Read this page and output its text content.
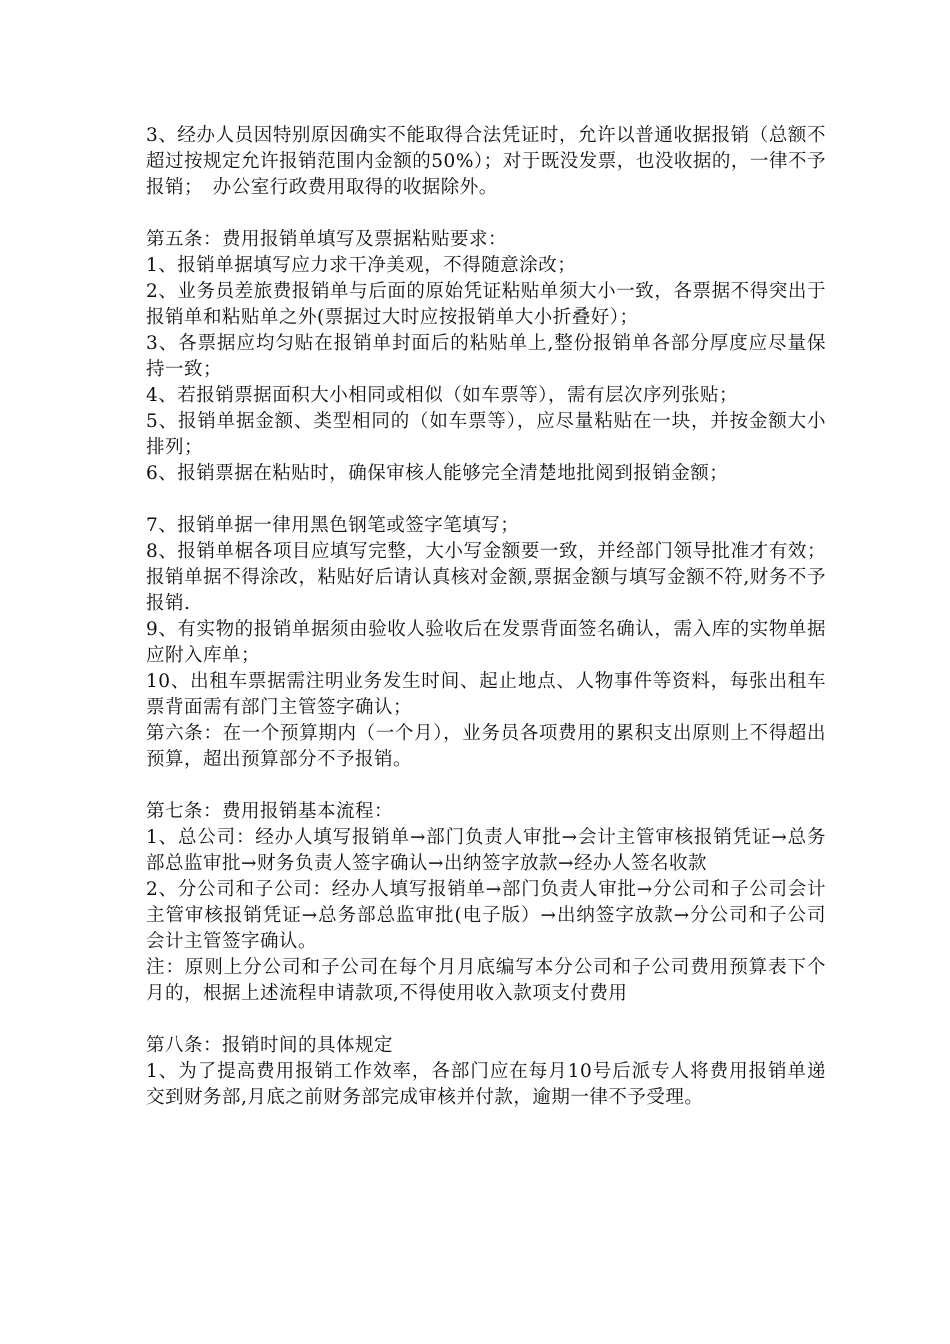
3、经办人员因特别原因确实不能取得合法凭证时，允许以普通收据报销（总额不超过按规定允许报销范围内金额的50%）；对于既没发票，也没收据的，一律不予报销；　办公室行政费用取得的收据除外。

第五条：费用报销单填写及票据粘贴要求：

1、报销单据填写应力求干净美观，不得随意涂改；

2、业务员差旅费报销单与后面的原始凭证粘贴单须大小一致，各票据不得突出于报销单和粘贴单之外(票据过大时应按报销单大小折叠好）；

3、各票据应均匀贴在报销单封面后的粘贴单上,整份报销单各部分厚度应尽量保持一致；

4、若报销票据面积大小相同或相似（如车票等），需有层次序列张贴；

5、报销单据金额、类型相同的（如车票等），应尽量粘贴在一块，并按金额大小排列；

6、报销票据在粘贴时，确保审核人能够完全清楚地批阅到报销金额；

7、报销单据一律用黑色钢笔或签字笔填写；

8、报销单椐各项目应填写完整，大小写金额要一致，并经部门领导批准才有效；报销单据不得涂改，粘贴好后请认真核对金额,票据金额与填写金额不符,财务不予报销.

9、有实物的报销单据须由验收人验收后在发票背面签名确认，需入库的实物单据应附入库单；

10、出租车票据需注明业务发生时间、起止地点、人物事件等资料，每张出租车票背面需有部门主管签字确认；

第六条：在一个预算期内（一个月），业务员各项费用的累积支出原则上不得超出预算，超出预算部分不予报销。

第七条：费用报销基本流程：

1、总公司：经办人填写报销单→部门负责人审批→会计主管审核报销凭证→总务部总监审批→财务负责人签字确认→出纳签字放款→经办人签名收款

2、分公司和子公司：经办人填写报销单→部门负责人审批→分公司和子公司会计主管审核报销凭证→总务部总监审批(电子版）→出纳签字放款→分公司和子公司会计主管签字确认。

注：原则上分公司和子公司在每个月月底编写本分公司和子公司费用预算表下个月的，根据上述流程申请款项,不得使用收入款项支付费用

第八条：报销时间的具体规定

1、为了提高费用报销工作效率，各部门应在每月10号后派专人将费用报销单递交到财务部,月底之前财务部完成审核并付款，逾期一律不予受理。
